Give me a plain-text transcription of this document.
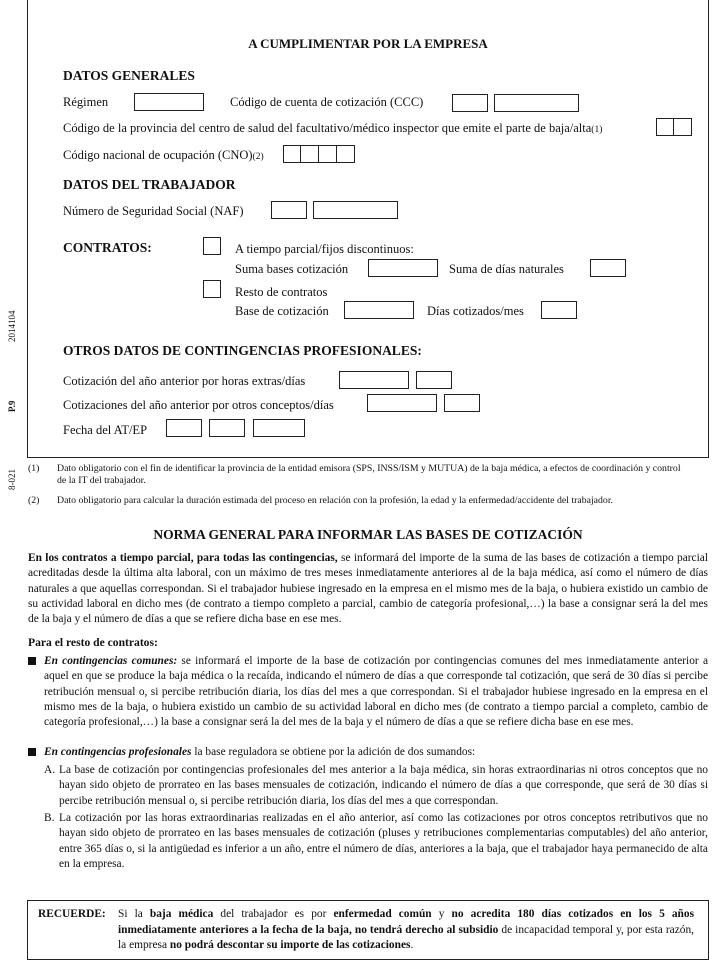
2014104
P.9
8-021
A CUMPLIMENTAR POR LA EMPRESA
DATOS GENERALES
Régimen	Código de cuenta de cotización (CCC)
Código de la provincia del centro de salud del facultativo/médico inspector que emite el parte de baja/alta(1)
Código nacional de ocupación (CNO)(2)
DATOS DEL TRABAJADOR
Número de Seguridad Social (NAF)
CONTRATOS:	A tiempo parcial/fijos discontinuos:
Suma bases cotización	Suma de días naturales
Resto de contratos
Base de cotización	Días cotizados/mes
OTROS DATOS DE CONTINGENCIAS PROFESIONALES:
Cotización del año anterior por horas extras/días
Cotizaciones del año anterior por otros conceptos/días
Fecha del AT/EP
(1) Dato obligatorio con el fin de identificar la provincia de la entidad emisora (SPS, INSS/ISM y MUTUA) de la baja médica, a efectos de coordinación y control de la IT del trabajador.
(2) Dato obligatorio para calcular la duración estimada del proceso en relación con la profesión, la edad y la enfermedad/accidente del trabajador.
NORMA GENERAL PARA INFORMAR LAS BASES DE COTIZACIÓN
En los contratos a tiempo parcial, para todas las contingencias, se informará del importe de la suma de las bases de cotización a tiempo parcial acreditadas desde la última alta laboral, con un máximo de tres meses inmediatamente anteriores al de la baja médica, así como el número de días naturales a que aquellas correspondan. Si el trabajador hubiese ingresado en la empresa en el mismo mes de la baja, o hubiera existido un cambio de su actividad laboral en dicho mes (de contrato a tiempo completo a parcial, cambio de categoría profesional,…) la base a consignar será la del mes de la baja y el número de días a que se refiere dicha base en ese mes.
Para el resto de contratos:
En contingencias comunes: se informará el importe de la base de cotización por contingencias comunes del mes inmediatamente anterior a aquel en que se produce la baja médica o la recaída, indicando el número de días a que corresponde tal cotización, que será de 30 días si percibe retribución mensual o, si percibe retribución diaria, los días del mes a que correspondan. Si el trabajador hubiese ingresado en la empresa en el mismo mes de la baja, o hubiera existido un cambio de su actividad laboral en dicho mes (de contrato a tiempo parcial a completo, cambio de categoría profesional,…) la base a consignar será la del mes de la baja y el número de días a que se refiere dicha base en ese mes.
En contingencias profesionales la base reguladora se obtiene por la adición de dos sumandos:
A. La base de cotización por contingencias profesionales del mes anterior a la baja médica, sin horas extraordinarias ni otros conceptos que no hayan sido objeto de prorrateo en las bases mensuales de cotización, indicando el número de días a que corresponde, que será de 30 días si percibe retribución mensual o, si percibe retribución diaria, los días del mes a que correspondan.
B. La cotización por las horas extraordinarias realizadas en el año anterior, así como las cotizaciones por otros conceptos retributivos que no hayan sido objeto de prorrateo en las bases mensuales de cotización (pluses y retribuciones complementarias computables) del año anterior, entre 365 días o, si la antigüedad es inferior a un año, entre el número de días, anteriores a la baja, que el trabajador haya permanecido de alta en la empresa.
RECUERDE: Si la baja médica del trabajador es por enfermedad común y no acredita 180 días cotizados en los 5 años inmediatamente anteriores a la fecha de la baja, no tendrá derecho al subsidio de incapacidad temporal y, por esta razón, la empresa no podrá descontar su importe de las cotizaciones.
